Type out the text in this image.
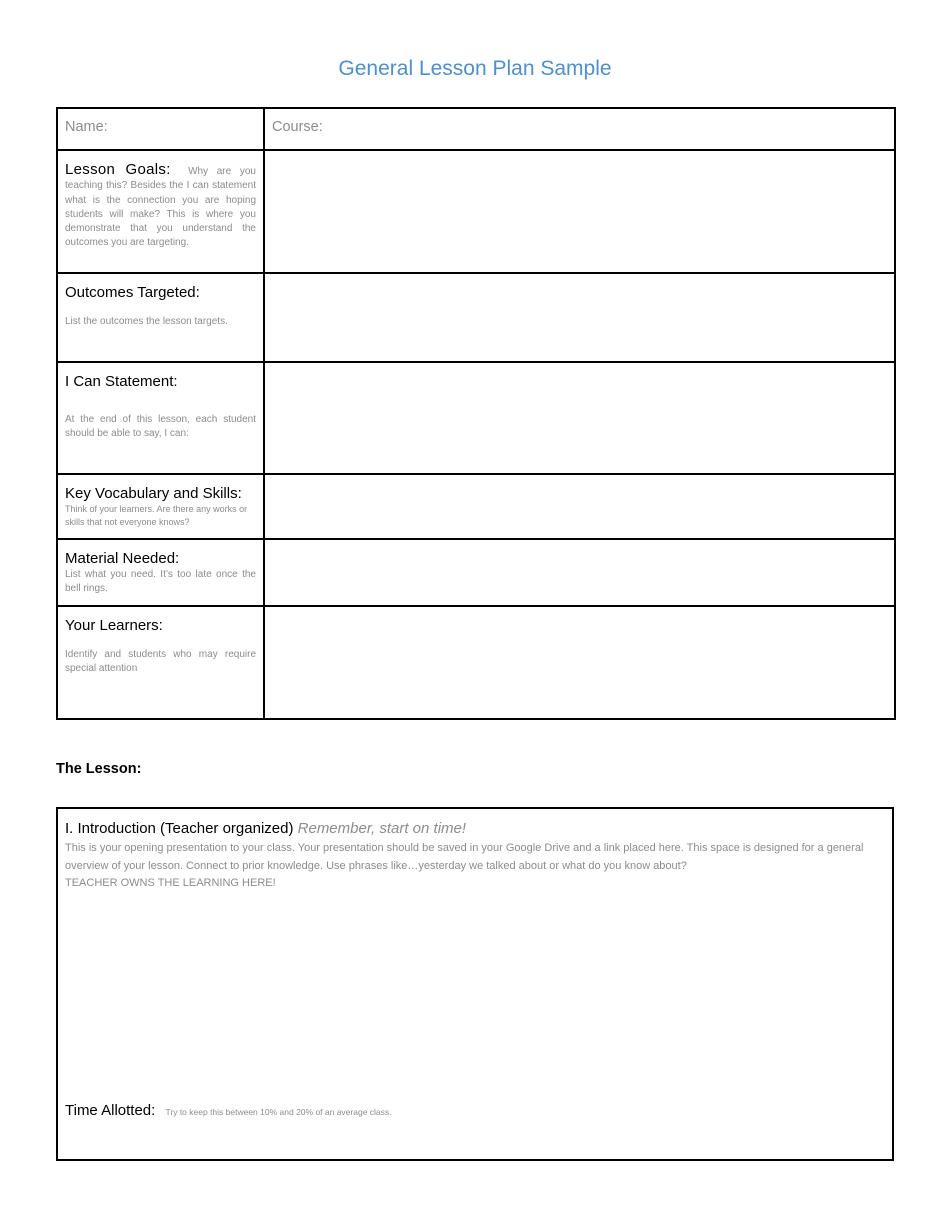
General Lesson Plan Sample
Name:	Course:

Lesson Goals: Why are you teaching this? Besides the I can statement what is the connection you are hoping students will make? This is where you demonstrate that you understand the outcomes you are targeting.	

Outcomes Targeted:
List the outcomes the lesson targets.	

I Can Statement:
At the end of this lesson, each student should be able to say, I can:	

Key Vocabulary and Skills:
Think of your learners. Are there any works or skills that not everyone knows?	

Material Needed:
List what you need. It’s too late once the bell rings.	

Your Learners:
Identify and students who may require special attention	

The Lesson:
I. Introduction (Teacher organized) Remember, start on time!
This is your opening presentation to your class. Your presentation should be saved in your Google Drive and a link placed here. This space is designed for a general overview of your lesson. Connect to prior knowledge. Use phrases like…yesterday we talked about or what do you know about?
TEACHER OWNS THE LEARNING HERE!
Time Allotted: Try to keep this between 10% and 20% of an average class.
